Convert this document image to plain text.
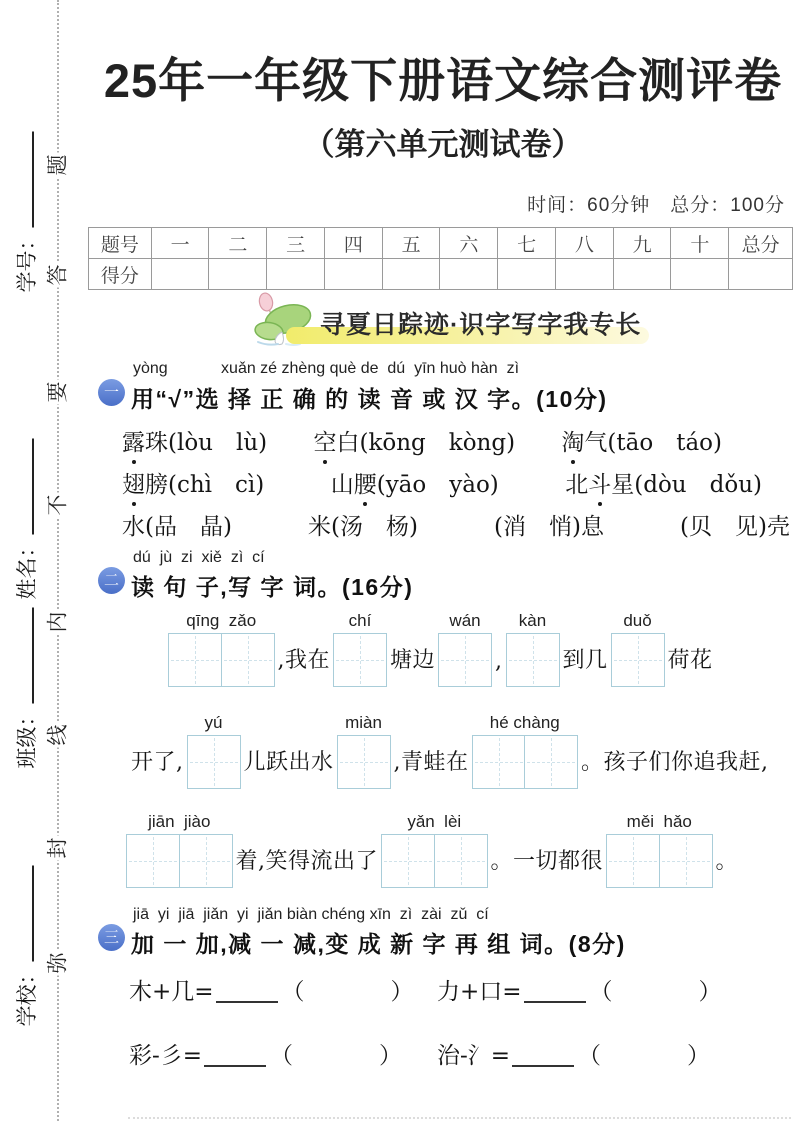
学号：
姓名：
班级：
学校：
题
答
要
不
内
线
封
弥
25年一年级下册语文综合测评卷
（第六单元测试卷）
时间：60分钟　总分：100分
题号	一	二	三	四	五	六	七	八	九	十	总分
得分											
寻夏日踪迹·识字写字我专长
一
yòng            xuǎn zé zhèng què de  dú  yīn huò hàn  zì
用“√”选 择 正 确 的 读 音 或 汉 字。(10分)
露珠(lòu　lù) 空白(kōng　kòng) 淘气(tāo　táo)
翅膀(chì　cì)	山腰(yāo　yào)	北斗星(dòu　dǒu)
水(品　晶)	米(汤　杨)	(消　悄)息	(贝　见)壳
二
dú  jù  zi  xiě  zì  cí
读 句 子,写 字 词。(16分)
qīng  zǎo
,我在
chí
塘边
wán
,
kàn
到几
duǒ
荷花
开了,
yú
儿跃出水
miàn
,青蛙在
hé chàng
。孩子们你追我赶,
jiān  jiào
着,笑得流出了
yǎn  lèi
。一切都很
měi  hǎo
。
三
jiā  yi  jiā  jiǎn  yi  jiǎn biàn chéng xīn  zì  zài  zǔ  cí
加 一 加,减 一 减,变 成 新 字 再 组 词。(8分)
木+几=	（	） 力+口=	（	）
彩-彡=	（	） 治-氵=	（	）
